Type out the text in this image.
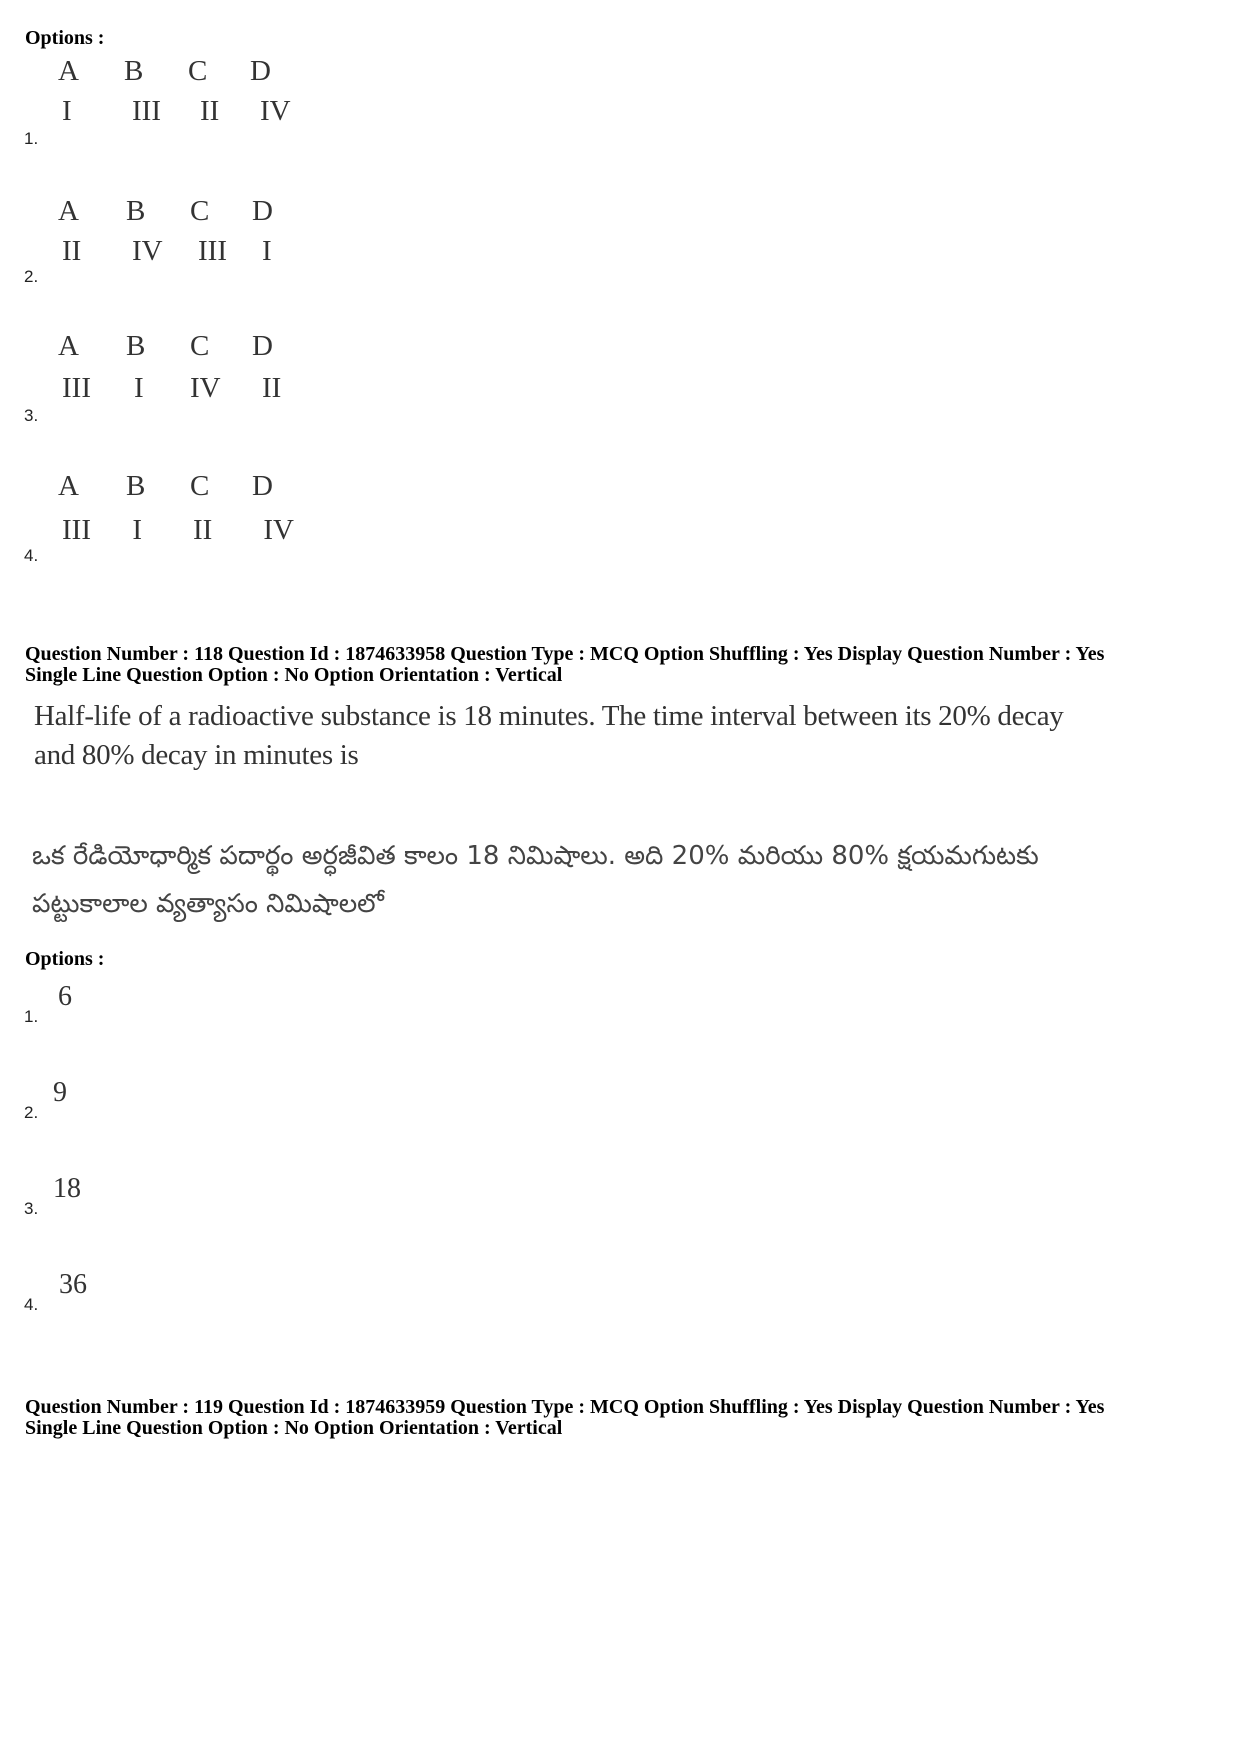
Options :
A	B	C	D
I	III	II	IV
1.
A	B	C	D
II	IV	III	I
2.
A	B	C	D
III	I	IV	II
3.
A	B	C	D
III	I	II	IV
4.
Question Number : 118 Question Id : 1874633958 Question Type : MCQ Option Shuffling : Yes Display Question Number : Yes
Single Line Question Option : No Option Orientation : Vertical
Half-life of a radioactive substance is 18 minutes. The time interval between its 20% decay
and 80% decay in minutes is
ఒక రేడియోధార్మిక పదార్థం అర్ధజీవిత కాలం 18 నిమిషాలు. అది 20% మరియు 80% క్షయమగుటకు
పట్టుకాలాల వ్యత్యాసం నిమిషాలలో
Options :
6
1.
9
2.
18
3.
36
4.
Question Number : 119 Question Id : 1874633959 Question Type : MCQ Option Shuffling : Yes Display Question Number : Yes
Single Line Question Option : No Option Orientation : Vertical
